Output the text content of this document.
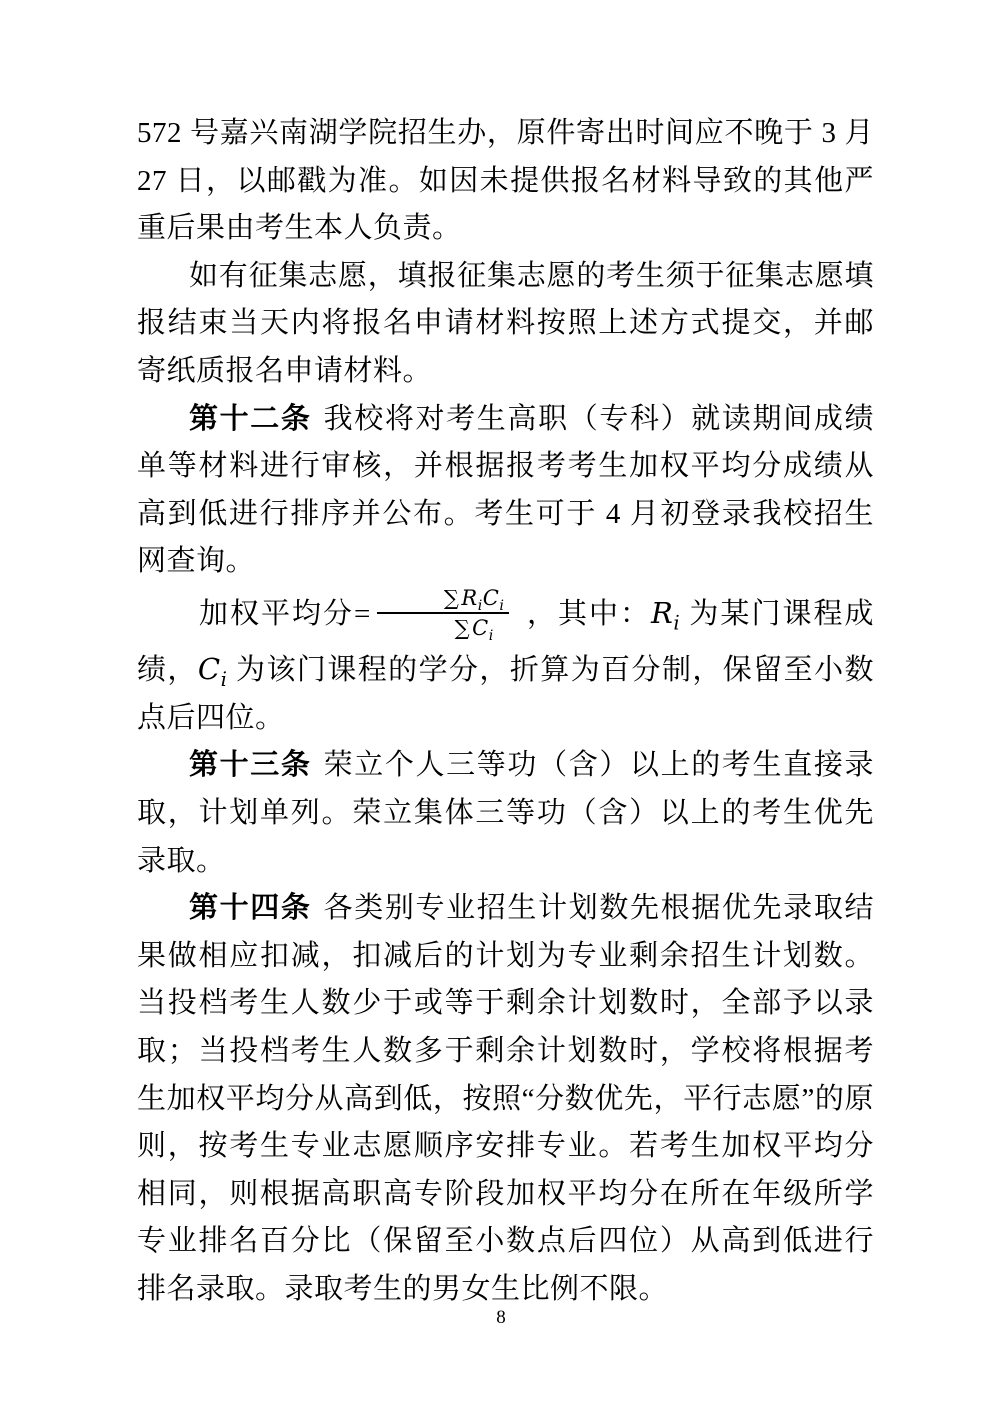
572 号嘉兴南湖学院招生办，原件寄出时间应不晚于 3 月 27 日，以邮戳为准。如因未提供报名材料导致的其他严重后果由考生本人负责。

如有征集志愿，填报征集志愿的考生须于征集志愿填报结束当天内将报名申请材料按照上述方式提交，并邮寄纸质报名申请材料。

第十二条 我校将对考生高职（专科）就读期间成绩单等材料进行审核，并根据报考考生加权平均分成绩从高到低进行排序并公布。考生可于 4 月初登录我校招生网查询。

加权平均分= $\frac{\sum R_iC_i}{\sum C_i}$ ，其中：$R_i$ 为某门课程成绩，$C_i$ 为该门课程的学分，折算为百分制，保留至小数点后四位。

第十三条 荣立个人三等功（含）以上的考生直接录取，计划单列。荣立集体三等功（含）以上的考生优先录取。

第十四条 各类别专业招生计划数先根据优先录取结果做相应扣减，扣减后的计划为专业剩余招生计划数。当投档考生人数少于或等于剩余计划数时，全部予以录取；当投档考生人数多于剩余计划数时，学校将根据考生加权平均分从高到低，按照“分数优先，平行志愿”的原则，按考生专业志愿顺序安排专业。若考生加权平均分相同，则根据高职高专阶段加权平均分在所在年级所学专业排名百分比（保留至小数点后四位）从高到低进行排名录取。录取考生的男女生比例不限。

8
